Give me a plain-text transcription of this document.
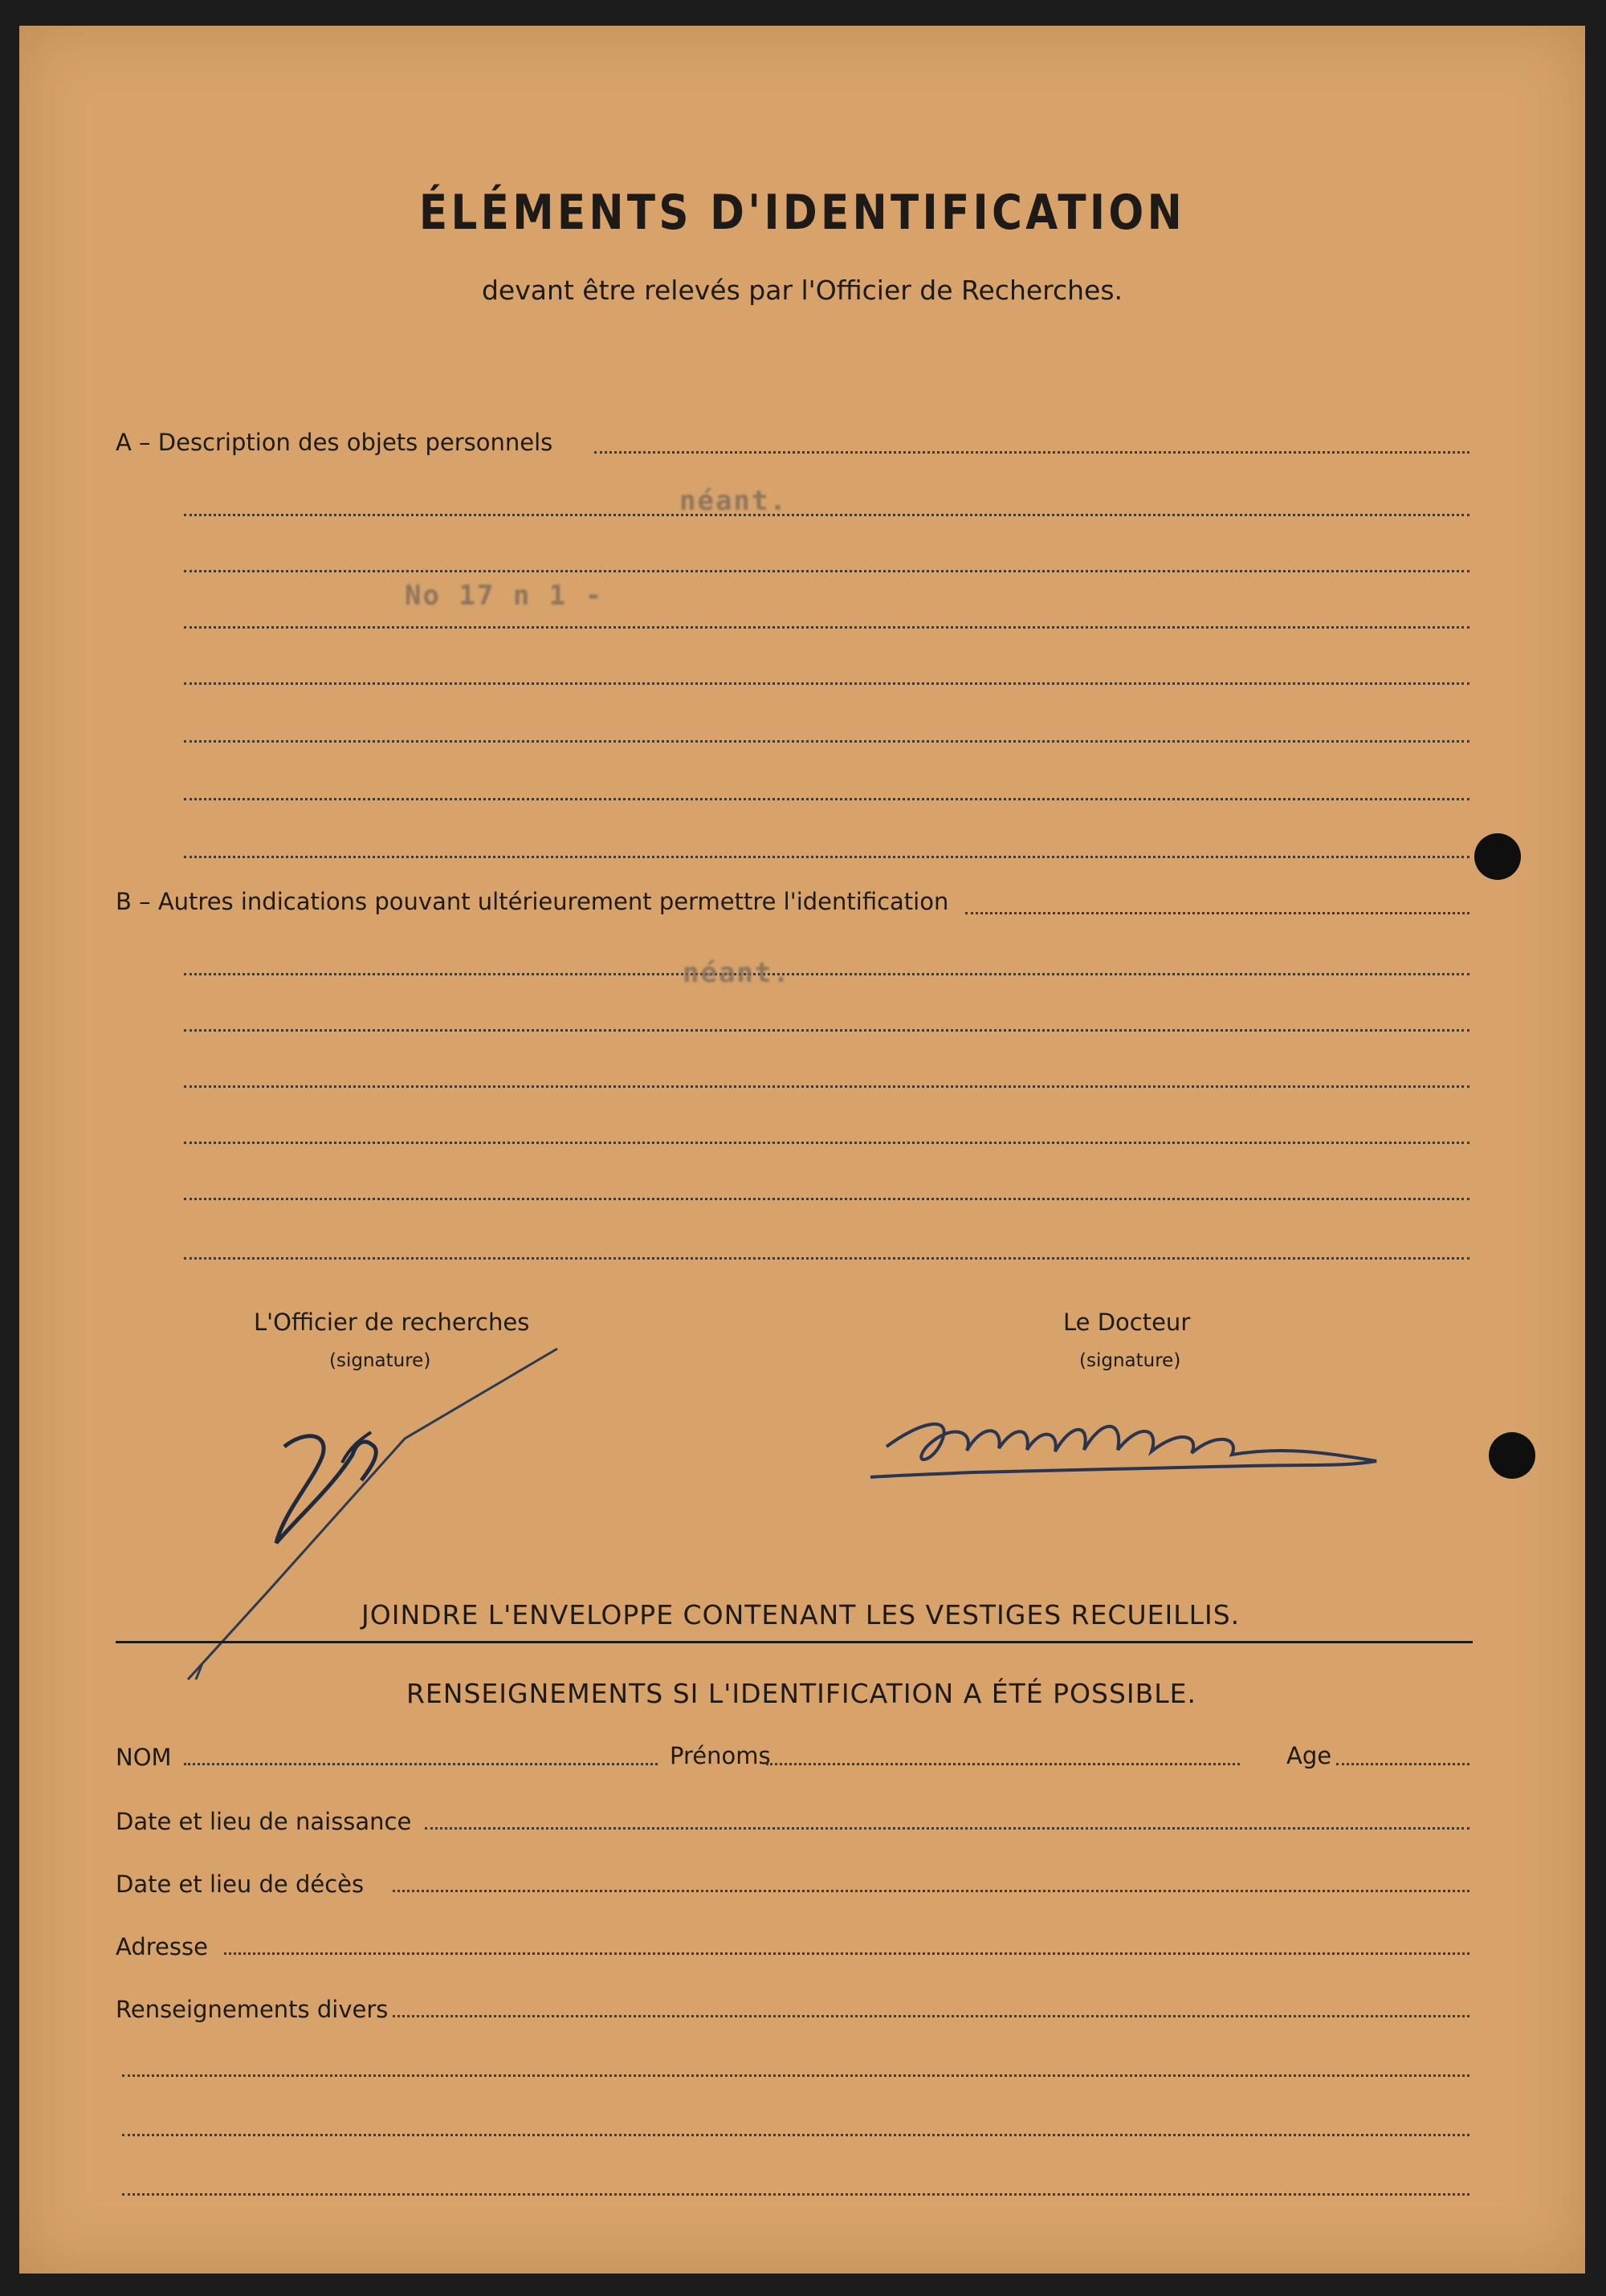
ÉLÉMENTS D'IDENTIFICATION
devant être relevés par l'Officier de Recherches.
A – Description des objets personnels
néant.
No 17 n 1 -
B – Autres indications pouvant ultérieurement permettre l'identification
néant.
L'Officier de recherches
(signature)
Le Docteur
(signature)
JOINDRE L'ENVELOPPE CONTENANT LES VESTIGES RECUEILLIS.
RENSEIGNEMENTS SI L'IDENTIFICATION A ÉTÉ POSSIBLE.
NOM	Prénoms	Age
Date et lieu de naissance
Date et lieu de décès
Adresse
Renseignements divers
